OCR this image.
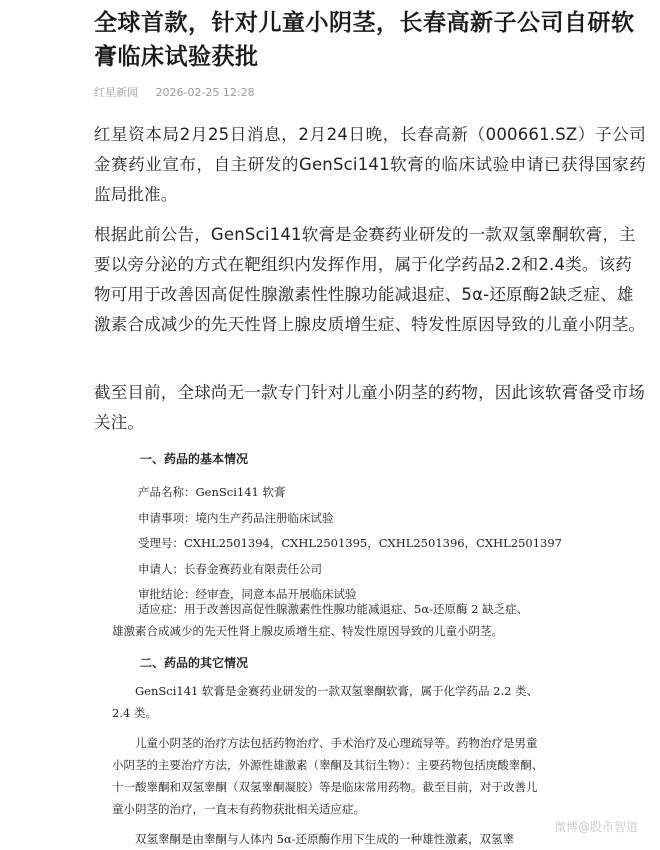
全球首款，针对儿童小阴茎，长春高新子公司自研软膏临床试验获批
红星新闻 2026-02-25 12:28
红星资本局2月25日消息，2月24日晚，长春高新（000661.SZ）子公司金赛药业宣布，自主研发的GenSci141软膏的临床试验申请已获得国家药监局批准。
根据此前公告，GenSci141软膏是金赛药业研发的一款双氢睾酮软膏，主要以旁分泌的方式在靶组织内发挥作用，属于化学药品2.2和2.4类。该药物可用于改善因高促性腺激素性性腺功能减退症、5α-还原酶2缺乏症、雄激素合成减少的先天性肾上腺皮质增生症、特发性原因导致的儿童小阴茎。
截至目前，全球尚无一款专门针对儿童小阴茎的药物，因此该软膏备受市场关注。
一、药品的基本情况
产品名称：GenSci141 软膏
申请事项：境内生产药品注册临床试验
受理号：CXHL2501394，CXHL2501395，CXHL2501396，CXHL2501397
申请人：长春金赛药业有限责任公司
审批结论：经审查，同意本品开展临床试验
适应症：用于改善因高促性腺激素性性腺功能减退症、5α-还原酶 2 缺乏症、
雄激素合成减少的先天性肾上腺皮质增生症、特发性原因导致的儿童小阴茎。
二、药品的其它情况

GenSci141 软膏是金赛药业研发的一款双氢睾酮软膏，属于化学药品 2.2 类、2.4 类。

儿童小阴茎的治疗方法包括药物治疗、手术治疗及心理疏导等。药物治疗是男童小阴茎的主要治疗方法，外源性雄激素（睾酮及其衍生物）：主要药物包括庚酸睾酮、十一酸睾酮和双氢睾酮（双氢睾酮凝胶）等是临床常用药物。截至目前，对于改善儿童小阴茎的治疗，一直未有药物获批相关适应症。

双氢睾酮是由睾酮与人体内 5α-还原酶作用下生成的一种雄性激素，双氢睾

微博@股市智道
